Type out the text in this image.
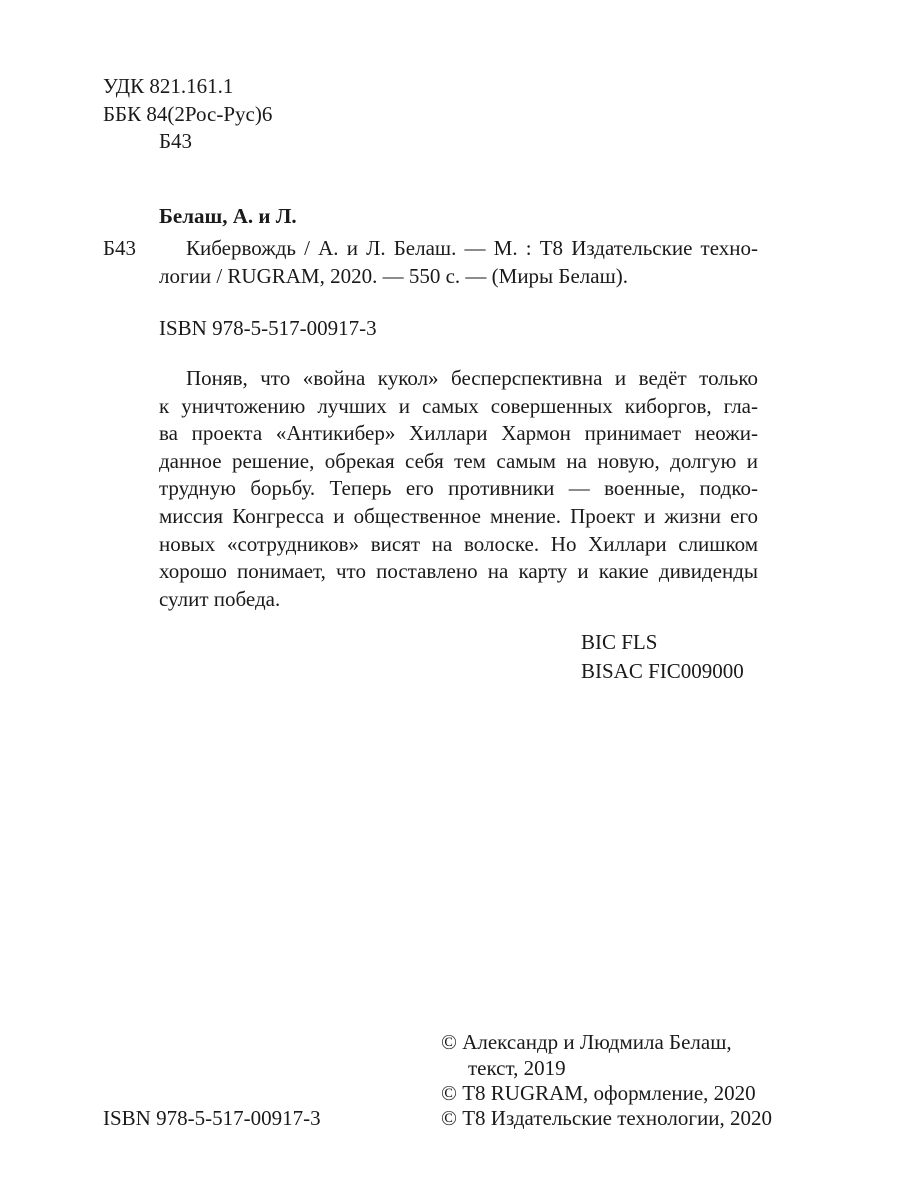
УДК 821.161.1
ББК 84(2Рос-Рус)6
Б43
Белаш, А. и Л.
Б43 Кибервождь / А. и Л. Белаш. — М. : Т8 Издательские техно-
логии / RUGRAM, 2020. — 550 с. — (Миры Белаш).
ISBN 978-5-517-00917-3
Поняв, что «война кукол» бесперспективна и ведёт только
к уничтожению лучших и самых совершенных киборгов, гла-
ва проекта «Антикибер» Хиллари Хармон принимает неожи-
данное решение, обрекая себя тем самым на новую, долгую и
трудную борьбу. Теперь его противники — военные, подко-
миссия Конгресса и общественное мнение. Проект и жизни его
новых «сотрудников» висят на волоске. Но Хиллари слишком
хорошо понимает, что поставлено на карту и какие дивиденды
сулит победа.
BIC FLS
BISAC FIC009000
© Александр и Людмила Белаш,
текст, 2019
© Т8 RUGRAM, оформление, 2020
© Т8 Издательские технологии, 2020
ISBN 978-5-517-00917-3
